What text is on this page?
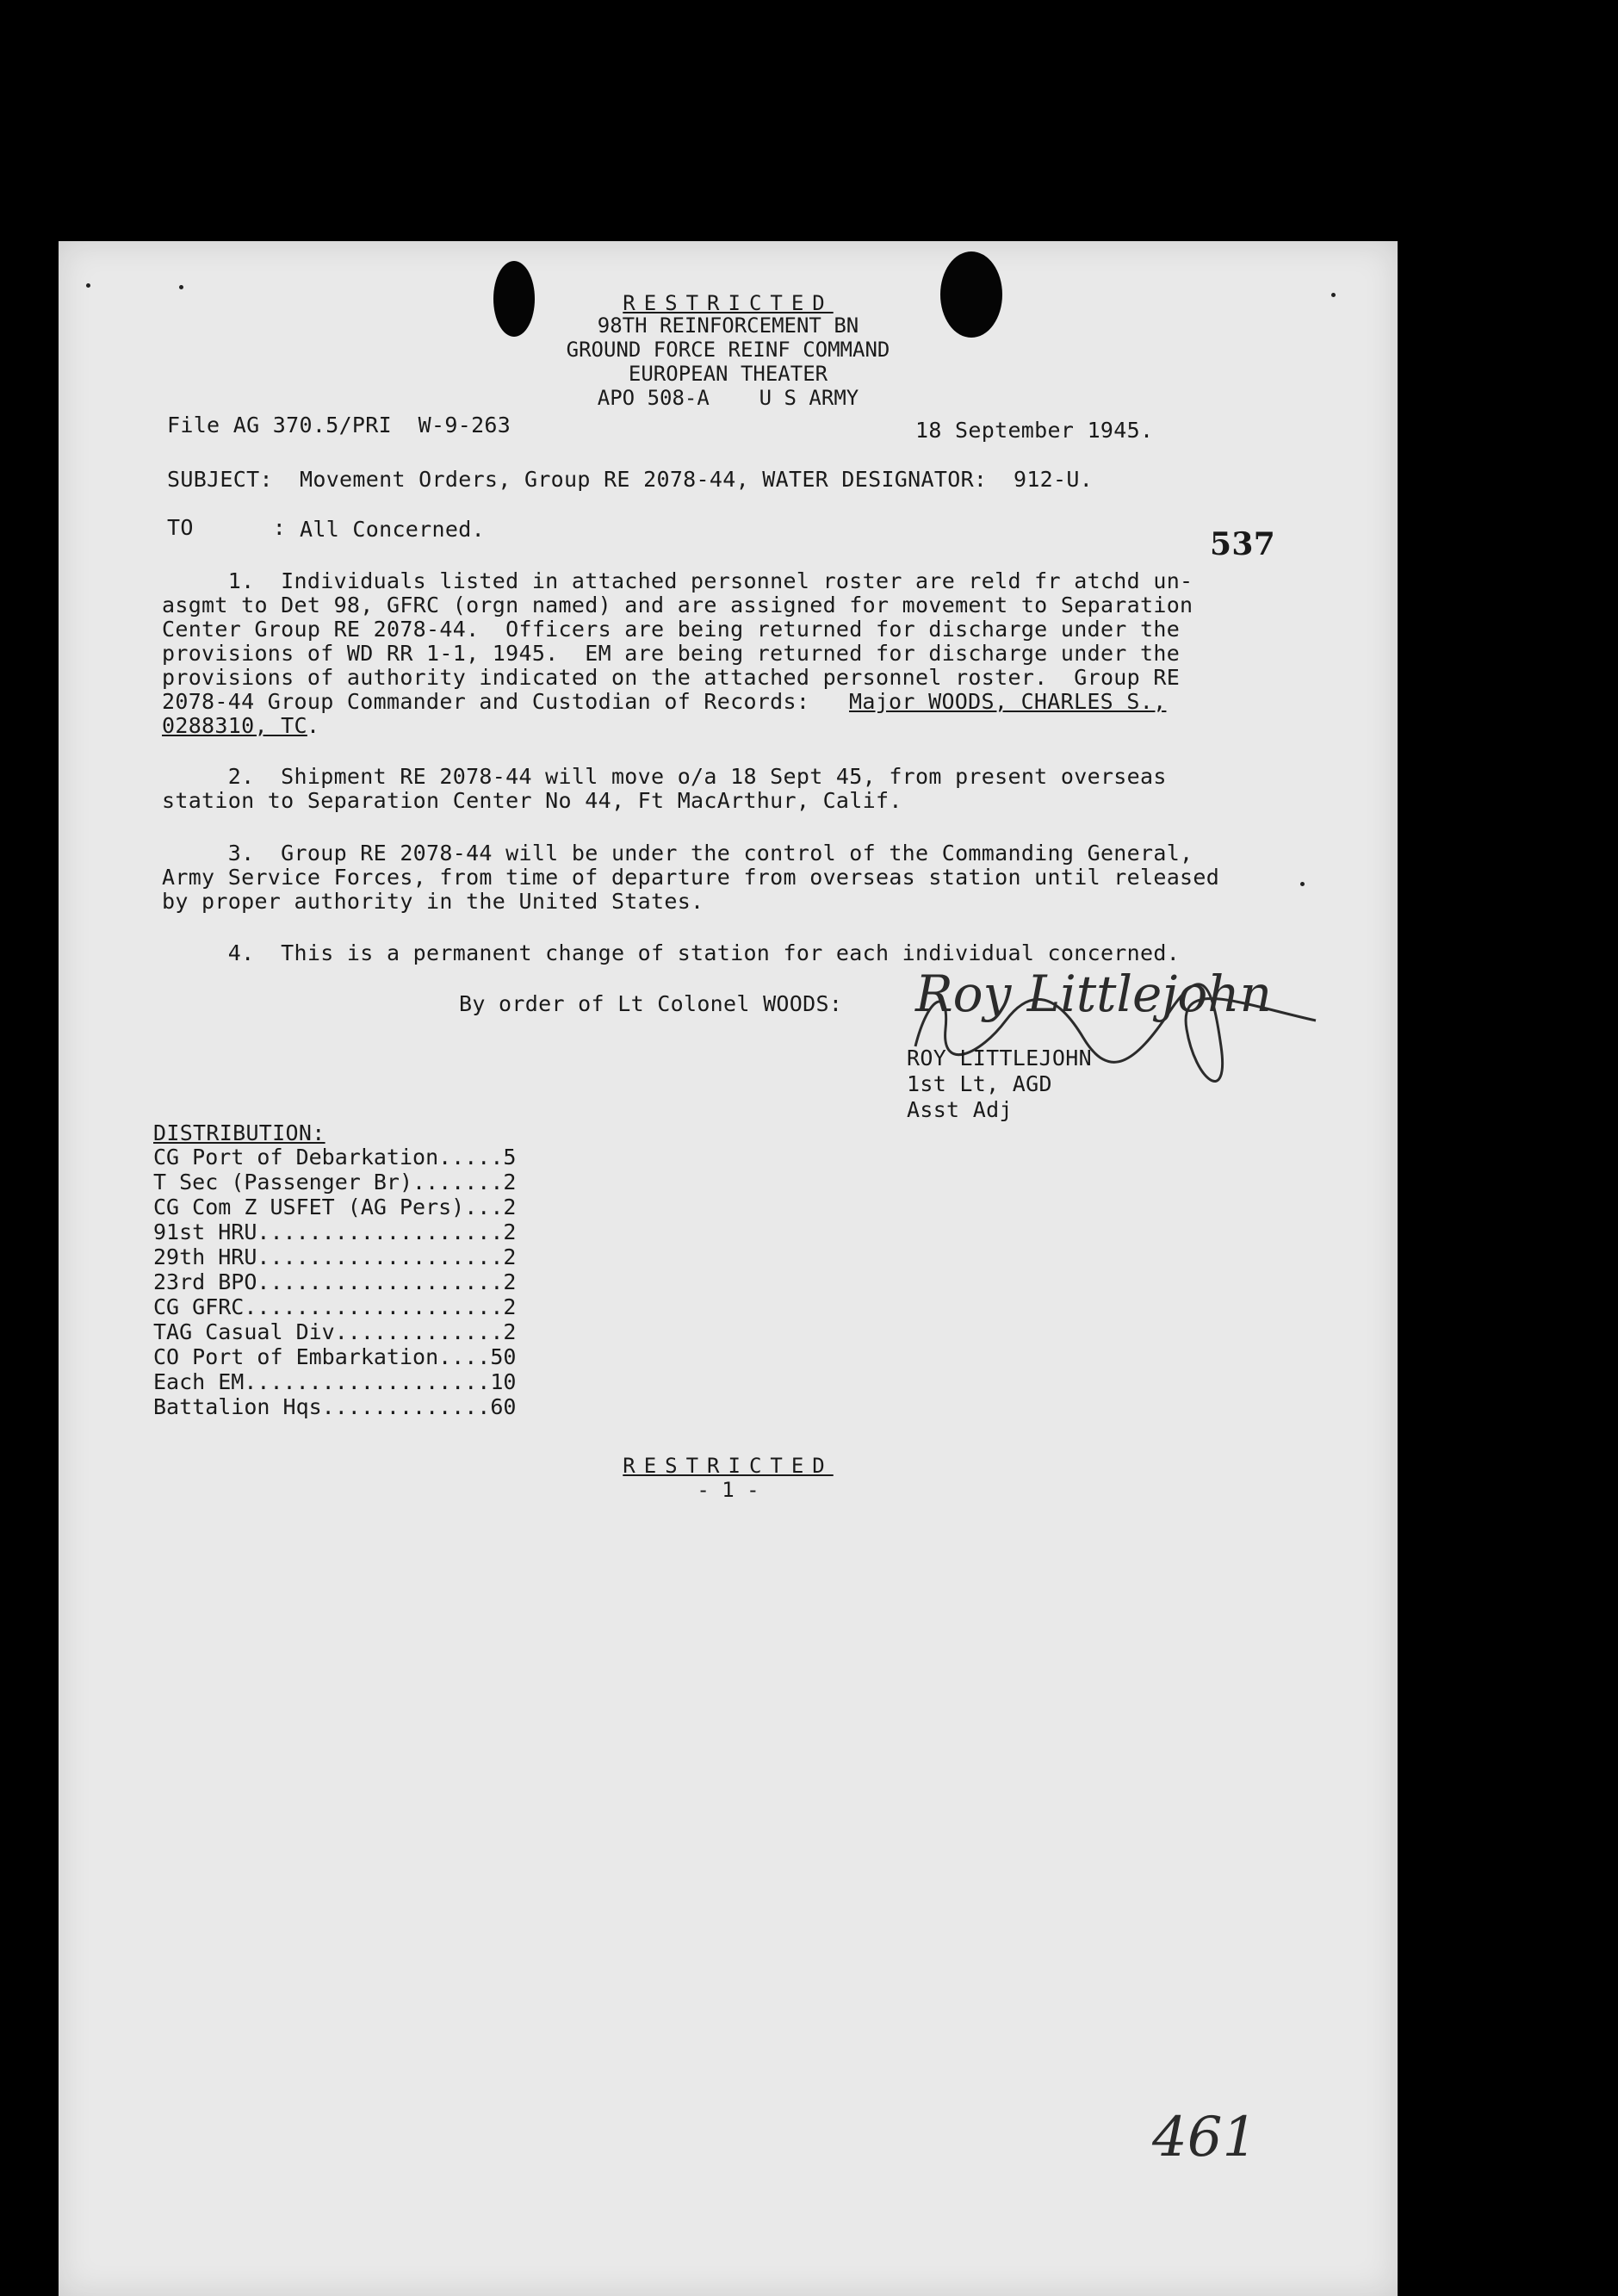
RESTRICTED
98TH REINFORCEMENT BN
GROUND FORCE REINF COMMAND
EUROPEAN THEATER
APO 508-A    U S ARMY
File AG 370.5/PRI  W-9-263	18 September 1945.
SUBJECT: Movement Orders, Group RE 2078-44, WATER DESIGNATOR:  912-U.
TO      : All Concerned.	537
1.  Individuals listed in attached personnel roster are reld fr atchd un-
asgmt to Det 98, GFRC (orgn named) and are assigned for movement to Separation
Center Group RE 2078-44.  Officers are being returned for discharge under the
provisions of WD RR 1-1, 1945.  EM are being returned for discharge under the
provisions of authority indicated on the attached personnel roster.  Group RE
2078-44 Group Commander and Custodian of Records: Major WOODS, CHARLES S.,
0288310, TC .
2.  Shipment RE 2078-44 will move o/a 18 Sept 45, from present overseas
station to Separation Center No 44, Ft MacArthur, Calif.
3.  Group RE 2078-44 will be under the control of the Commanding General,
Army Service Forces, from time of departure from overseas station until released
by proper authority in the United States.
4.  This is a permanent change of station for each individual concerned.
By order of Lt Colonel WOODS: Roy Littlejohn
ROY LITTLEJOHN
1st Lt, AGD
Asst Adj
DISTRIBUTION:
CG Port of Debarkation.....5
T Sec (Passenger Br).......2
CG Com Z USFET (AG Pers)...2
91st HRU...................2
29th HRU...................2
23rd BPO...................2
CG GFRC....................2
TAG Casual Div.............2
CO Port of Embarkation....50
Each EM...................10
Battalion Hqs.............60
RESTRICTED
- 1 -
461
